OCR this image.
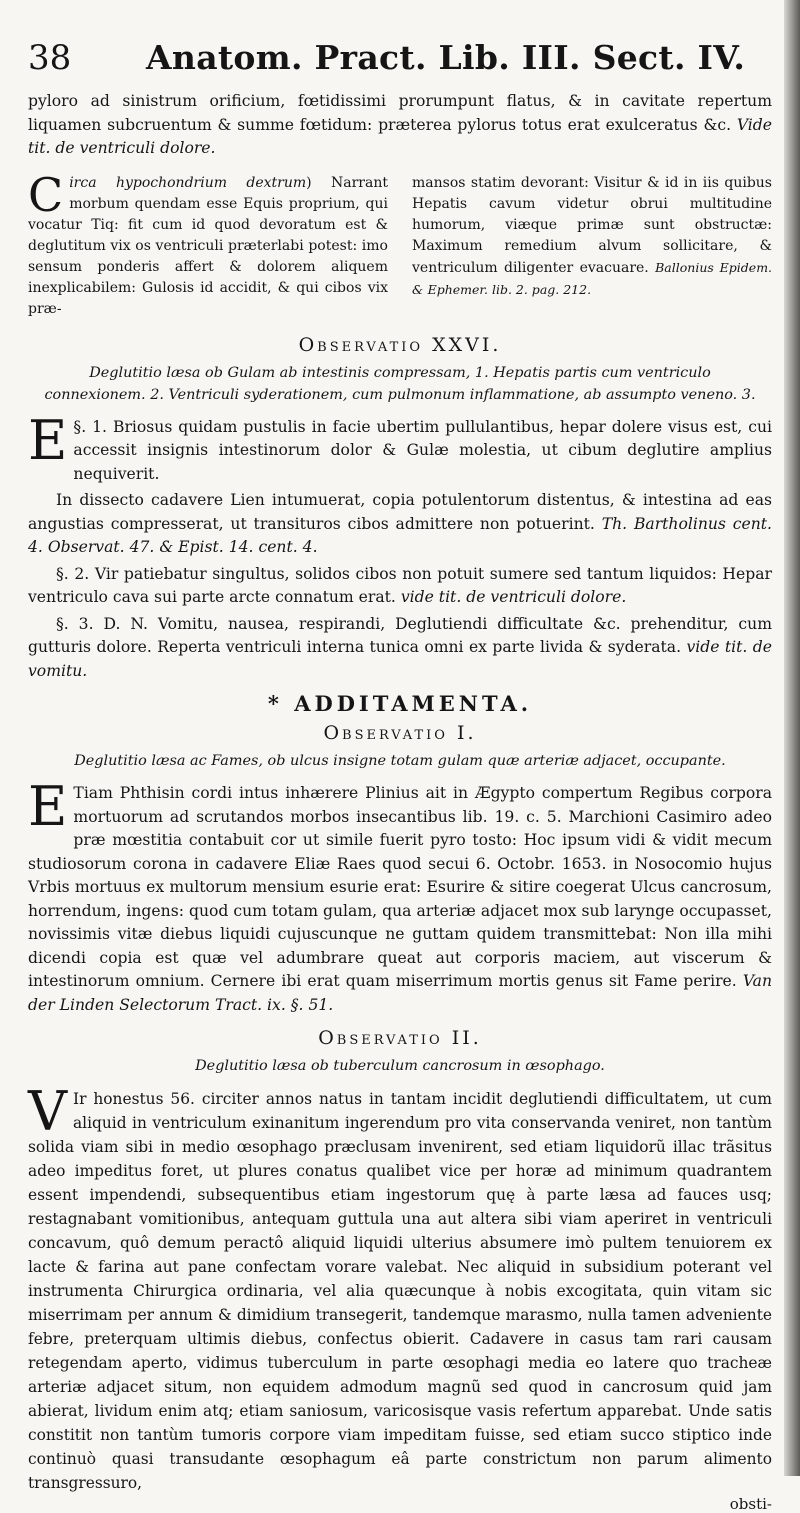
38 Anatom. Pract. Lib. III. Sect. IV.

pyloro ad sinistrum orificium, fœtidissimi prorumpunt flatus, & in cavitate repertum liquamen subcruentum & summe fœtidum: præterea pylorus totus erat exulceratus &c. Vide tit. de ventriculi dolore.

Circa hypochondrium dextrum) Narrant morbum quendam esse Equis proprium, qui vocatur Tiq: fit cum id quod devoratum est & deglutitum vix os ventriculi præterlabi potest: imo sensum ponderis affert & dolorem aliquem inexplicabilem: Gulosis id accidit, & qui cibos vix præ-

mansos statim devorant: Visitur & id in iis quibus Hepatis cavum videtur obrui multitudine humorum, viæque primæ sunt obstructæ: Maximum remedium alvum sollicitare, & ventriculum diligenter evacuare. Ballonius Epidem. & Ephemer. lib. 2. pag. 212.

Observatio XXVI.
Deglutitio læsa ob Gulam ab intestinis compressam, 1. Hepatis partis cum ventriculo connexionem. 2. Ventriculi syderationem, cum pulmonum inflammatione, ab assumpto veneno. 3.

§. 1.
E	Briosus quidam pustulis in facie ubertim pullulantibus, hepar dolere visus est, cui accessit insignis intestinorum dolor & Gulæ molestia, ut cibum deglutire amplius nequiverit.

In dissecto cadavere Lien intumuerat, copia potulentorum distentus, & intestina ad eas angustias compresserat, ut transituros cibos admittere non potuerint. Th. Bartholinus cent. 4. Observat. 47. & Epist. 14. cent. 4.

§. 2. Vir patiebatur singultus, solidos cibos non potuit sumere sed tantum liquidos: Hepar ventriculo cava sui parte arcte connatum erat. vide tit. de ventriculi dolore.

§. 3. D. N. Vomitu, nausea, respirandi, Deglutiendi difficultate &c. prehenditur, cum gutturis dolore. Reperta ventriculi interna tunica omni ex parte livida & syderata. vide tit. de vomitu.

* ADDITAMENTA.
Observatio I.
Deglutitio læsa ac Fames, ob ulcus insigne totam gulam quæ arteriæ adjacet, occupante.

E Tiam Phthisin cordi intus inhærere Plinius ait in Ægypto compertum Regibus corpora mortuorum ad scrutandos morbos insecantibus lib. 19. c. 5. Marchioni Casimiro adeo præ mœstitia contabuit cor ut simile fuerit pyro tosto: Hoc ipsum vidi & vidit mecum studiosorum corona in cadavere Eliæ Raes quod secui 6. Octobr. 1653. in Nosocomio hujus Vrbis mortuus ex multorum mensium esurie erat: Esurire & sitire coegerat Ulcus cancrosum, horrendum, ingens: quod cum totam gulam, qua arteriæ adjacet mox sub larynge occupasset, novissimis vitæ diebus liquidi cujuscunque ne guttam quidem transmittebat: Non illa mihi dicendi copia est quæ vel adumbrare queat aut corporis maciem, aut viscerum & intestinorum omnium. Cernere ibi erat quam miserrimum mortis genus sit Fame perire. Van der Linden Selectorum Tract. ix. §. 51.

Observatio II.
Deglutitio læsa ob tuberculum cancrosum in œsophago.

V Ir honestus 56. circiter annos natus in tantam incidit deglutiendi difficultatem, ut cum aliquid in ventriculum exinanitum ingerendum pro vita conservanda veniret, non tantùm solida viam sibi in medio œsophago præclusam invenirent, sed etiam liquidorũ illac trãsitus adeo impeditus foret, ut plures conatus qualibet vice per horæ ad minimum quadrantem essent impendendi, subsequentibus etiam ingestorum quę à parte læsa ad fauces usq; restagnabant vomitionibus, antequam guttula una aut altera sibi viam aperiret in ventriculi concavum, quô demum peractô aliquid liquidi ulterius absumere imò pultem tenuiorem ex lacte & farina aut pane confectam vorare valebat. Nec aliquid in subsidium poterant vel instrumenta Chirurgica ordinaria, vel alia quæcunque à nobis excogitata, quin vitam sic miserrimam per annum & dimidium transegerit, tandemque marasmo, nulla tamen adveniente febre, preterquam ultimis diebus, confectus obierit. Cadavere in casus tam rari causam retegendam aperto, vidimus tuberculum in parte œsophagi media eo latere quo tracheæ arteriæ adjacet situm, non equidem admodum magnũ sed quod in cancrosum quid jam abierat, lividum enim atq; etiam saniosum, varicosisque vasis refertum apparebat. Unde satis constitit non tantùm tumoris corpore viam impeditam fuisse, sed etiam succo stiptico inde continuò quasi transudante œsophagum eâ parte constrictum non parum alimento transgressuro,

obsti-
